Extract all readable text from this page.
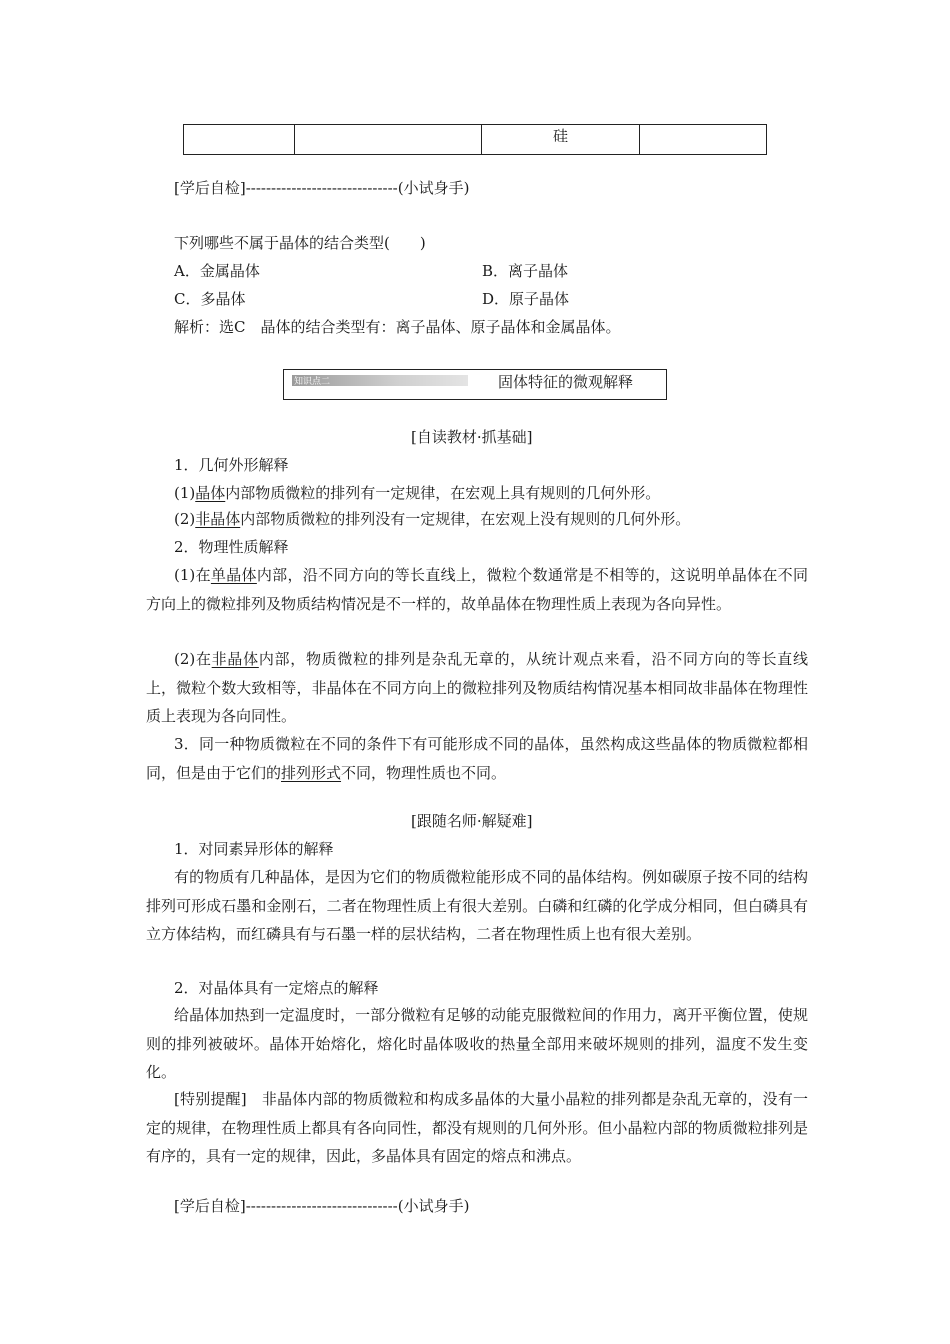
		硅	
[学后自检]------------------------------(小试身手)
下列哪些不属于晶体的结合类型(　　)
A．金属晶体	B．离子晶体
C．多晶体	D．原子晶体
解析：选C　晶体的结合类型有：离子晶体、原子晶体和金属晶体。
知识点二	固体特征的微观解释
[自读教材·抓基础]
1．几何外形解释
(1)晶体内部物质微粒的排列有一定规律，在宏观上具有规则的几何外形。
(2)非晶体内部物质微粒的排列没有一定规律，在宏观上没有规则的几何外形。
2．物理性质解释
(1)在单晶体内部，沿不同方向的等长直线上，微粒个数通常是不相等的，这说明单晶体在不同方向上的微粒排列及物质结构情况是不一样的，故单晶体在物理性质上表现为各向异性。
(2)在非晶体内部，物质微粒的排列是杂乱无章的，从统计观点来看，沿不同方向的等长直线上，微粒个数大致相等，非晶体在不同方向上的微粒排列及物质结构情况基本相同故非晶体在物理性质上表现为各向同性。
3．同一种物质微粒在不同的条件下有可能形成不同的晶体，虽然构成这些晶体的物质微粒都相同，但是由于它们的排列形式不同，物理性质也不同。
[跟随名师·解疑难]
1．对同素异形体的解释
有的物质有几种晶体，是因为它们的物质微粒能形成不同的晶体结构。例如碳原子按不同的结构排列可形成石墨和金刚石，二者在物理性质上有很大差别。白磷和红磷的化学成分相同，但白磷具有立方体结构，而红磷具有与石墨一样的层状结构，二者在物理性质上也有很大差别。
2．对晶体具有一定熔点的解释
给晶体加热到一定温度时，一部分微粒有足够的动能克服微粒间的作用力，离开平衡位置，使规则的排列被破坏。晶体开始熔化，熔化时晶体吸收的热量全部用来破坏规则的排列，温度不发生变化。
[特别提醒]　非晶体内部的物质微粒和构成多晶体的大量小晶粒的排列都是杂乱无章的，没有一定的规律，在物理性质上都具有各向同性，都没有规则的几何外形。但小晶粒内部的物质微粒排列是有序的，具有一定的规律，因此，多晶体具有固定的熔点和沸点。
[学后自检]------------------------------(小试身手)
